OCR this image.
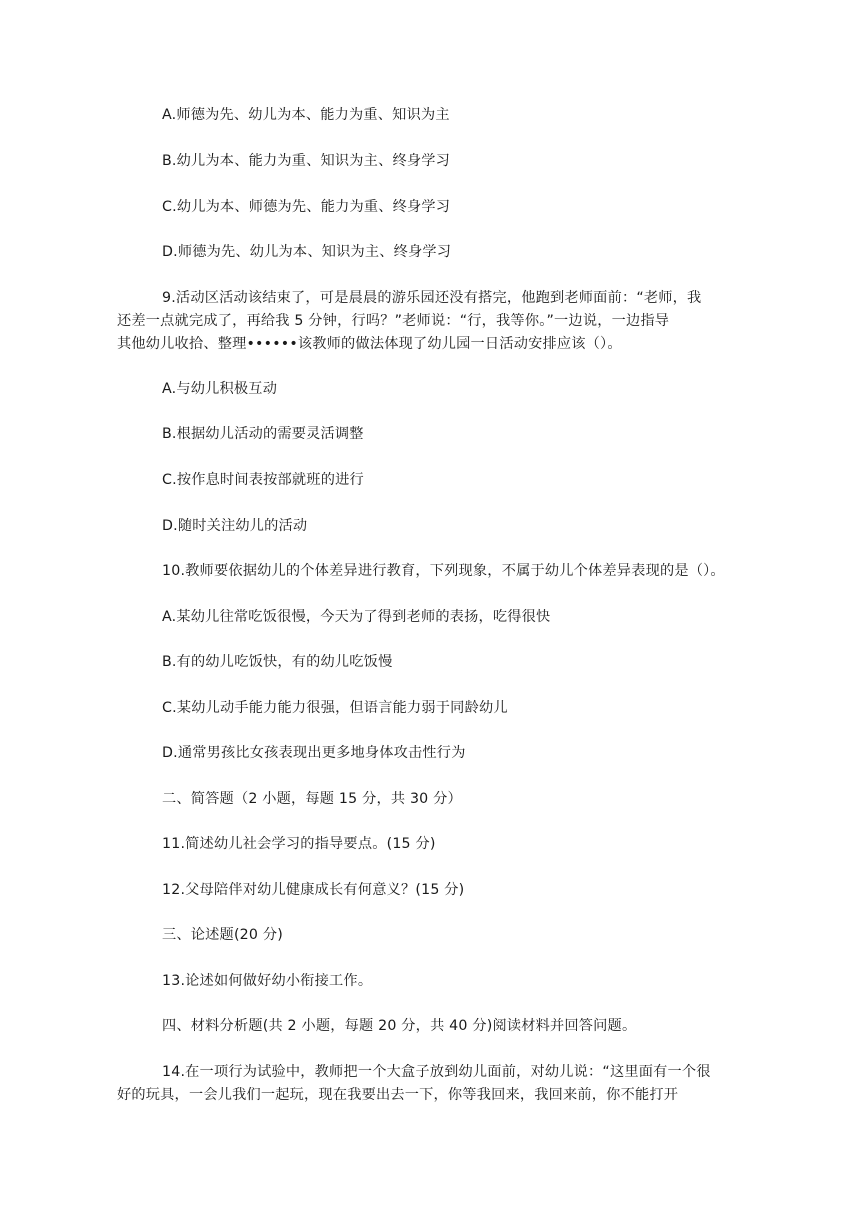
A.师德为先、幼儿为本、能力为重、知识为主
B.幼儿为本、能力为重、知识为主、终身学习
C.幼儿为本、师德为先、能力为重、终身学习
D.师德为先、幼儿为本、知识为主、终身学习
9.活动区活动该结束了，可是晨晨的游乐园还没有搭完，他跑到老师面前：“老师，我
还差一点就完成了，再给我 5 分钟，行吗？”老师说：“行，我等你。”一边说，一边指导
其他幼儿收拾、整理••••••该教师的做法体现了幼儿园一日活动安排应该（）。
A.与幼儿积极互动
B.根据幼儿活动的需要灵活调整
C.按作息时间表按部就班的进行
D.随时关注幼儿的活动
10.教师要依据幼儿的个体差异进行教育，下列现象，不属于幼儿个体差异表现的是（）。
A.某幼儿往常吃饭很慢，今天为了得到老师的表扬，吃得很快
B.有的幼儿吃饭快，有的幼儿吃饭慢
C.某幼儿动手能力能力很强，但语言能力弱于同龄幼儿
D.通常男孩比女孩表现出更多地身体攻击性行为
二、简答题（2 小题，每题 15 分，共 30 分）
11.简述幼儿社会学习的指导要点。(15 分)
12.父母陪伴对幼儿健康成长有何意义？(15 分)
三、论述题(20 分)
13.论述如何做好幼小衔接工作。
四、材料分析题(共 2 小题，每题 20 分，共 40 分)阅读材料并回答问题。
14.在一项行为试验中，教师把一个大盒子放到幼儿面前，对幼儿说：“这里面有一个很
好的玩具，一会儿我们一起玩，现在我要出去一下，你等我回来，我回来前，你不能打开
